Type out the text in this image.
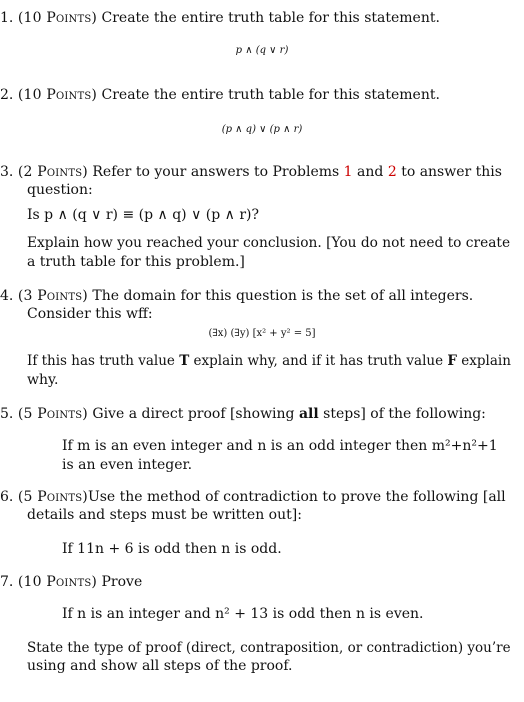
1. (10 Points) Create the entire truth table for this statement.
p ∧ (q ∨ r)
2. (10 Points) Create the entire truth table for this statement.
(p ∧ q) ∨ (p ∧ r)
3. (2 Points) Refer to your answers to Problems 1 and 2 to answer this
question:
Is p ∧ (q ∨ r) ≡ (p ∧ q) ∨ (p ∧ r)?
Explain how you reached your conclusion. [You do not need to create
a truth table for this problem.]
4. (3 Points) The domain for this question is the set of all integers.
Consider this wff:
(∃x) (∃y) [x² + y² = 5]
If this has truth value T explain why, and if it has truth value F explain
why.
5. (5 Points) Give a direct proof [showing all steps] of the following:
If m is an even integer and n is an odd integer then m²+n²+1
is an even integer.
6. (5 Points)Use the method of contradiction to prove the following [all
details and steps must be written out]:
If 11n + 6 is odd then n is odd.
7. (10 Points) Prove
If n is an integer and n² + 13 is odd then n is even.
State the type of proof (direct, contraposition, or contradiction) you’re
using and show all steps of the proof.
